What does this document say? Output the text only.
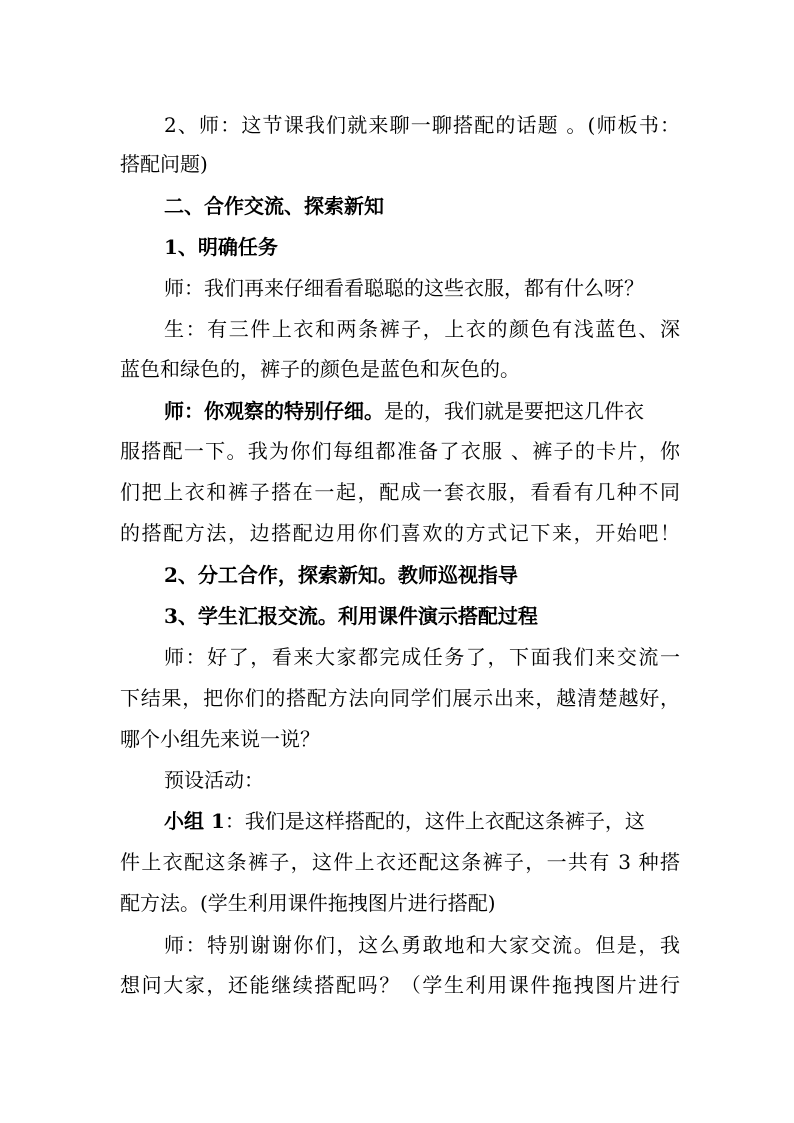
2、师：这节课我们就来聊一聊搭配的话题 。(师板书：
搭配问题)
二、合作交流、探索新知
1、明确任务
师：我们再来仔细看看聪聪的这些衣服，都有什么呀？
生：有三件上衣和两条裤子，上衣的颜色有浅蓝色、深
蓝色和绿色的，裤子的颜色是蓝色和灰色的。
师：你观察的特别仔细。是的，我们就是要把这几件衣
服搭配一下。我为你们每组都准备了衣服 、裤子的卡片，你
们把上衣和裤子搭在一起，配成一套衣服，看看有几种不同
的搭配方法，边搭配边用你们喜欢的方式记下来，开始吧！
2、分工合作，探索新知。教师巡视指导
3、学生汇报交流。利用课件演示搭配过程
师：好了，看来大家都完成任务了，下面我们来交流一
下结果，把你们的搭配方法向同学们展示出来，越清楚越好，
哪个小组先来说一说？
预设活动：
小组 1：我们是这样搭配的，这件上衣配这条裤子，这
件上衣配这条裤子，这件上衣还配这条裤子，一共有 3 种搭
配方法。(学生利用课件拖拽图片进行搭配)
师：特别谢谢你们，这么勇敢地和大家交流。但是，我
想问大家，还能继续搭配吗？（学生利用课件拖拽图片进行
